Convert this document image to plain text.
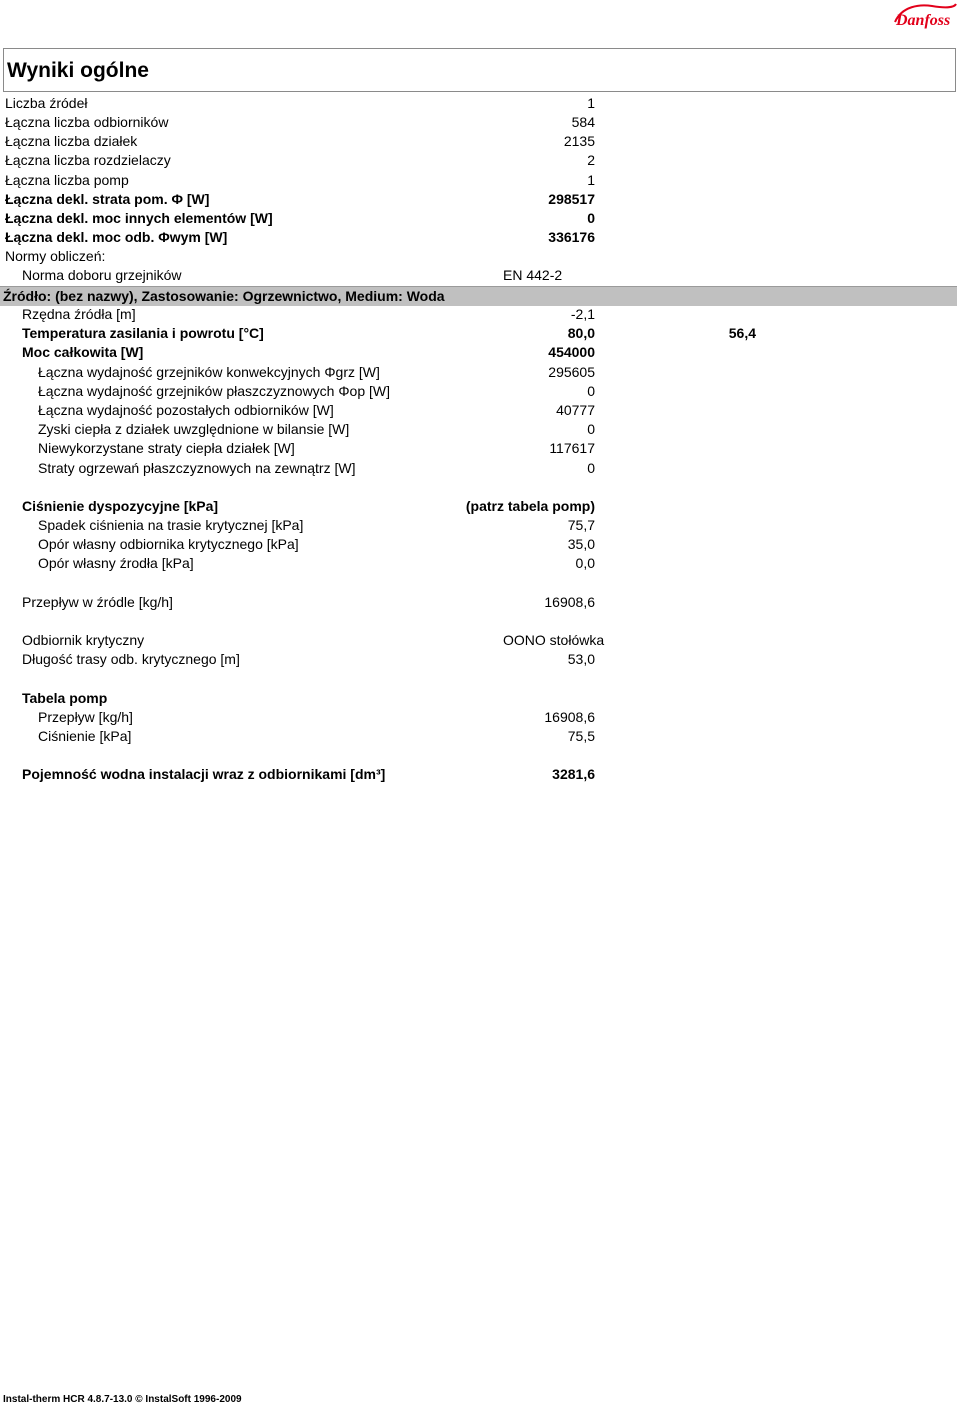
Danfoss
Wyniki ogólne
Liczba źródeł	1
Łączna liczba odbiorników	584
Łączna liczba działek	2135
Łączna liczba rozdzielaczy	2
Łączna liczba pomp	1
Łączna dekl. strata pom. Φ [W]	298517
Łączna dekl. moc innych elementów [W]	0
Łączna dekl. moc odb. Φwym [W]	336176
Normy obliczeń:
Norma doboru grzejników	EN 442-2
Źródło: (bez nazwy), Zastosowanie: Ogrzewnictwo, Medium: Woda
Rzędna źródła [m]	-2,1
Temperatura zasilania i powrotu [°C]	80,0	56,4
Moc całkowita [W]	454000
Łączna wydajność grzejników konwekcyjnych Φgrz [W]	295605
Łączna wydajność grzejników płaszczyznowych Φop [W]	0
Łączna wydajność pozostałych odbiorników [W]	40777
Zyski ciepła z działek uwzględnione w bilansie [W]	0
Niewykorzystane straty ciepła działek [W]	117617
Straty ogrzewań płaszczyznowych na zewnątrz [W]	0
Ciśnienie dyspozycyjne [kPa]	(patrz tabela pomp)
Spadek ciśnienia na trasie krytycznej [kPa]	75,7
Opór własny odbiornika krytycznego [kPa]	35,0
Opór własny źrodła [kPa]	0,0
Przepływ w źródle [kg/h]	16908,6
Odbiornik krytyczny	OONO stołówka
Długość trasy odb. krytycznego [m]	53,0
Tabela pomp
Przepływ [kg/h]	16908,6
Ciśnienie [kPa]	75,5
Pojemność wodna instalacji wraz z odbiornikami [dm³]	3281,6
Instal-therm HCR 4.8.7-13.0 © InstalSoft 1996-2009
